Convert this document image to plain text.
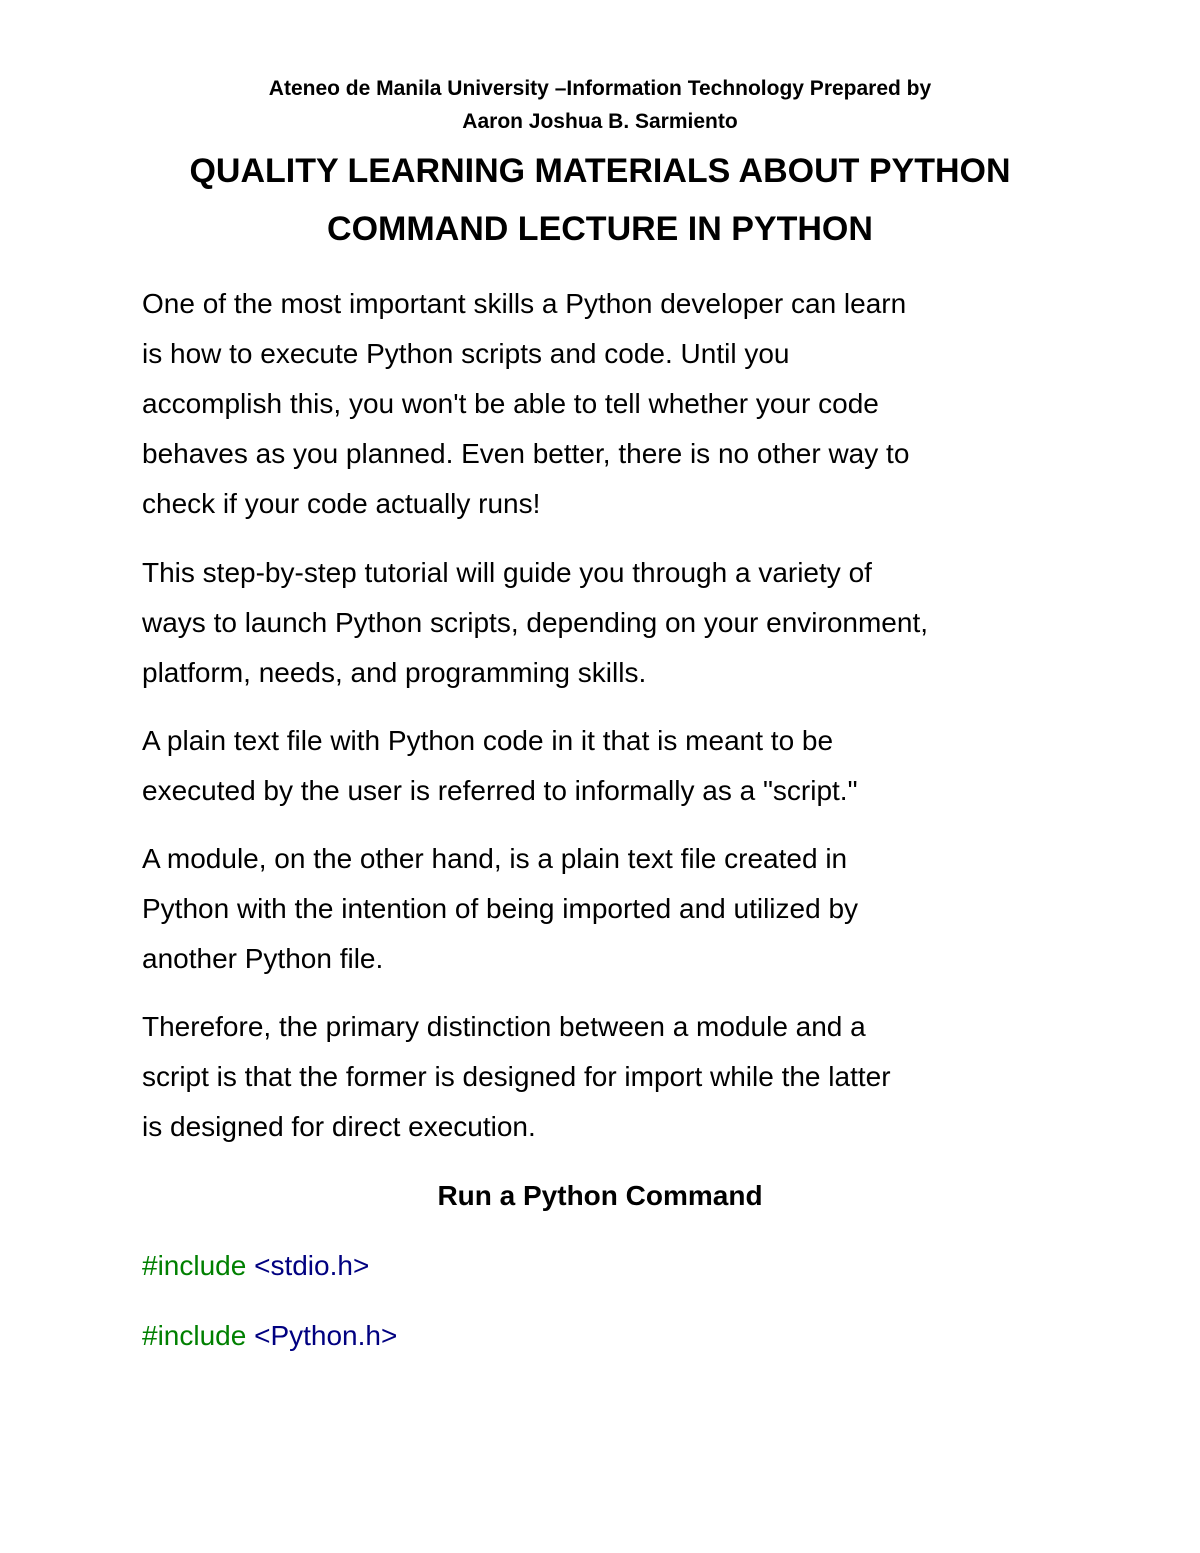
Ateneo de Manila University –Information Technology Prepared by
Aaron Joshua B. Sarmiento
QUALITY LEARNING MATERIALS ABOUT PYTHON
COMMAND LECTURE IN PYTHON
One of the most important skills a Python developer can learn
is how to execute Python scripts and code. Until you
accomplish this, you won't be able to tell whether your code
behaves as you planned. Even better, there is no other way to
check if your code actually runs!
This step-by-step tutorial will guide you through a variety of
ways to launch Python scripts, depending on your environment,
platform, needs, and programming skills.
A plain text file with Python code in it that is meant to be
executed by the user is referred to informally as a "script."
A module, on the other hand, is a plain text file created in
Python with the intention of being imported and utilized by
another Python file.
Therefore, the primary distinction between a module and a
script is that the former is designed for import while the latter
is designed for direct execution.
Run a Python Command
#include <stdio.h>
#include <Python.h>
